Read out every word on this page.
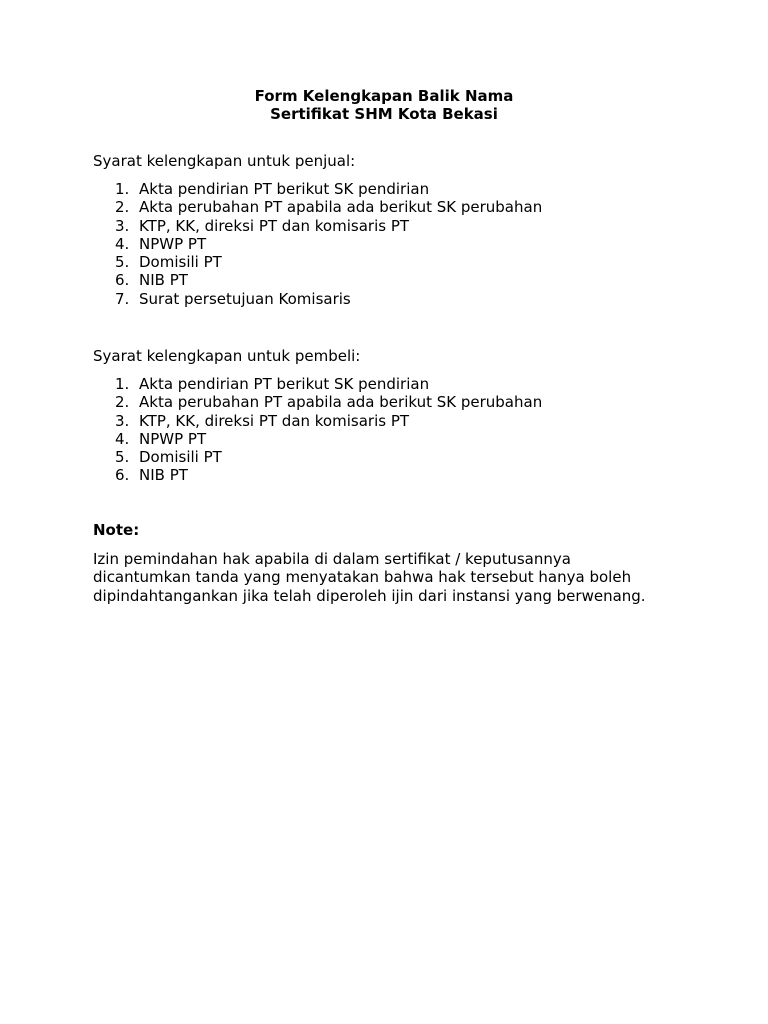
Form Kelengkapan Balik Nama
Sertifikat SHM Kota Bekasi
Syarat kelengkapan untuk penjual:
1. Akta pendirian PT berikut SK pendirian
2. Akta perubahan PT apabila ada berikut SK perubahan
3. KTP, KK, direksi PT dan komisaris PT
4. NPWP PT
5. Domisili PT
6. NIB PT
7. Surat persetujuan Komisaris
Syarat kelengkapan untuk pembeli:
1. Akta pendirian PT berikut SK pendirian
2. Akta perubahan PT apabila ada berikut SK perubahan
3. KTP, KK, direksi PT dan komisaris PT
4. NPWP PT
5. Domisili PT
6. NIB PT
Note:
Izin pemindahan hak apabila di dalam sertifikat / keputusannya
dicantumkan tanda yang menyatakan bahwa hak tersebut hanya boleh
dipindahtangankan jika telah diperoleh ijin dari instansi yang berwenang.
